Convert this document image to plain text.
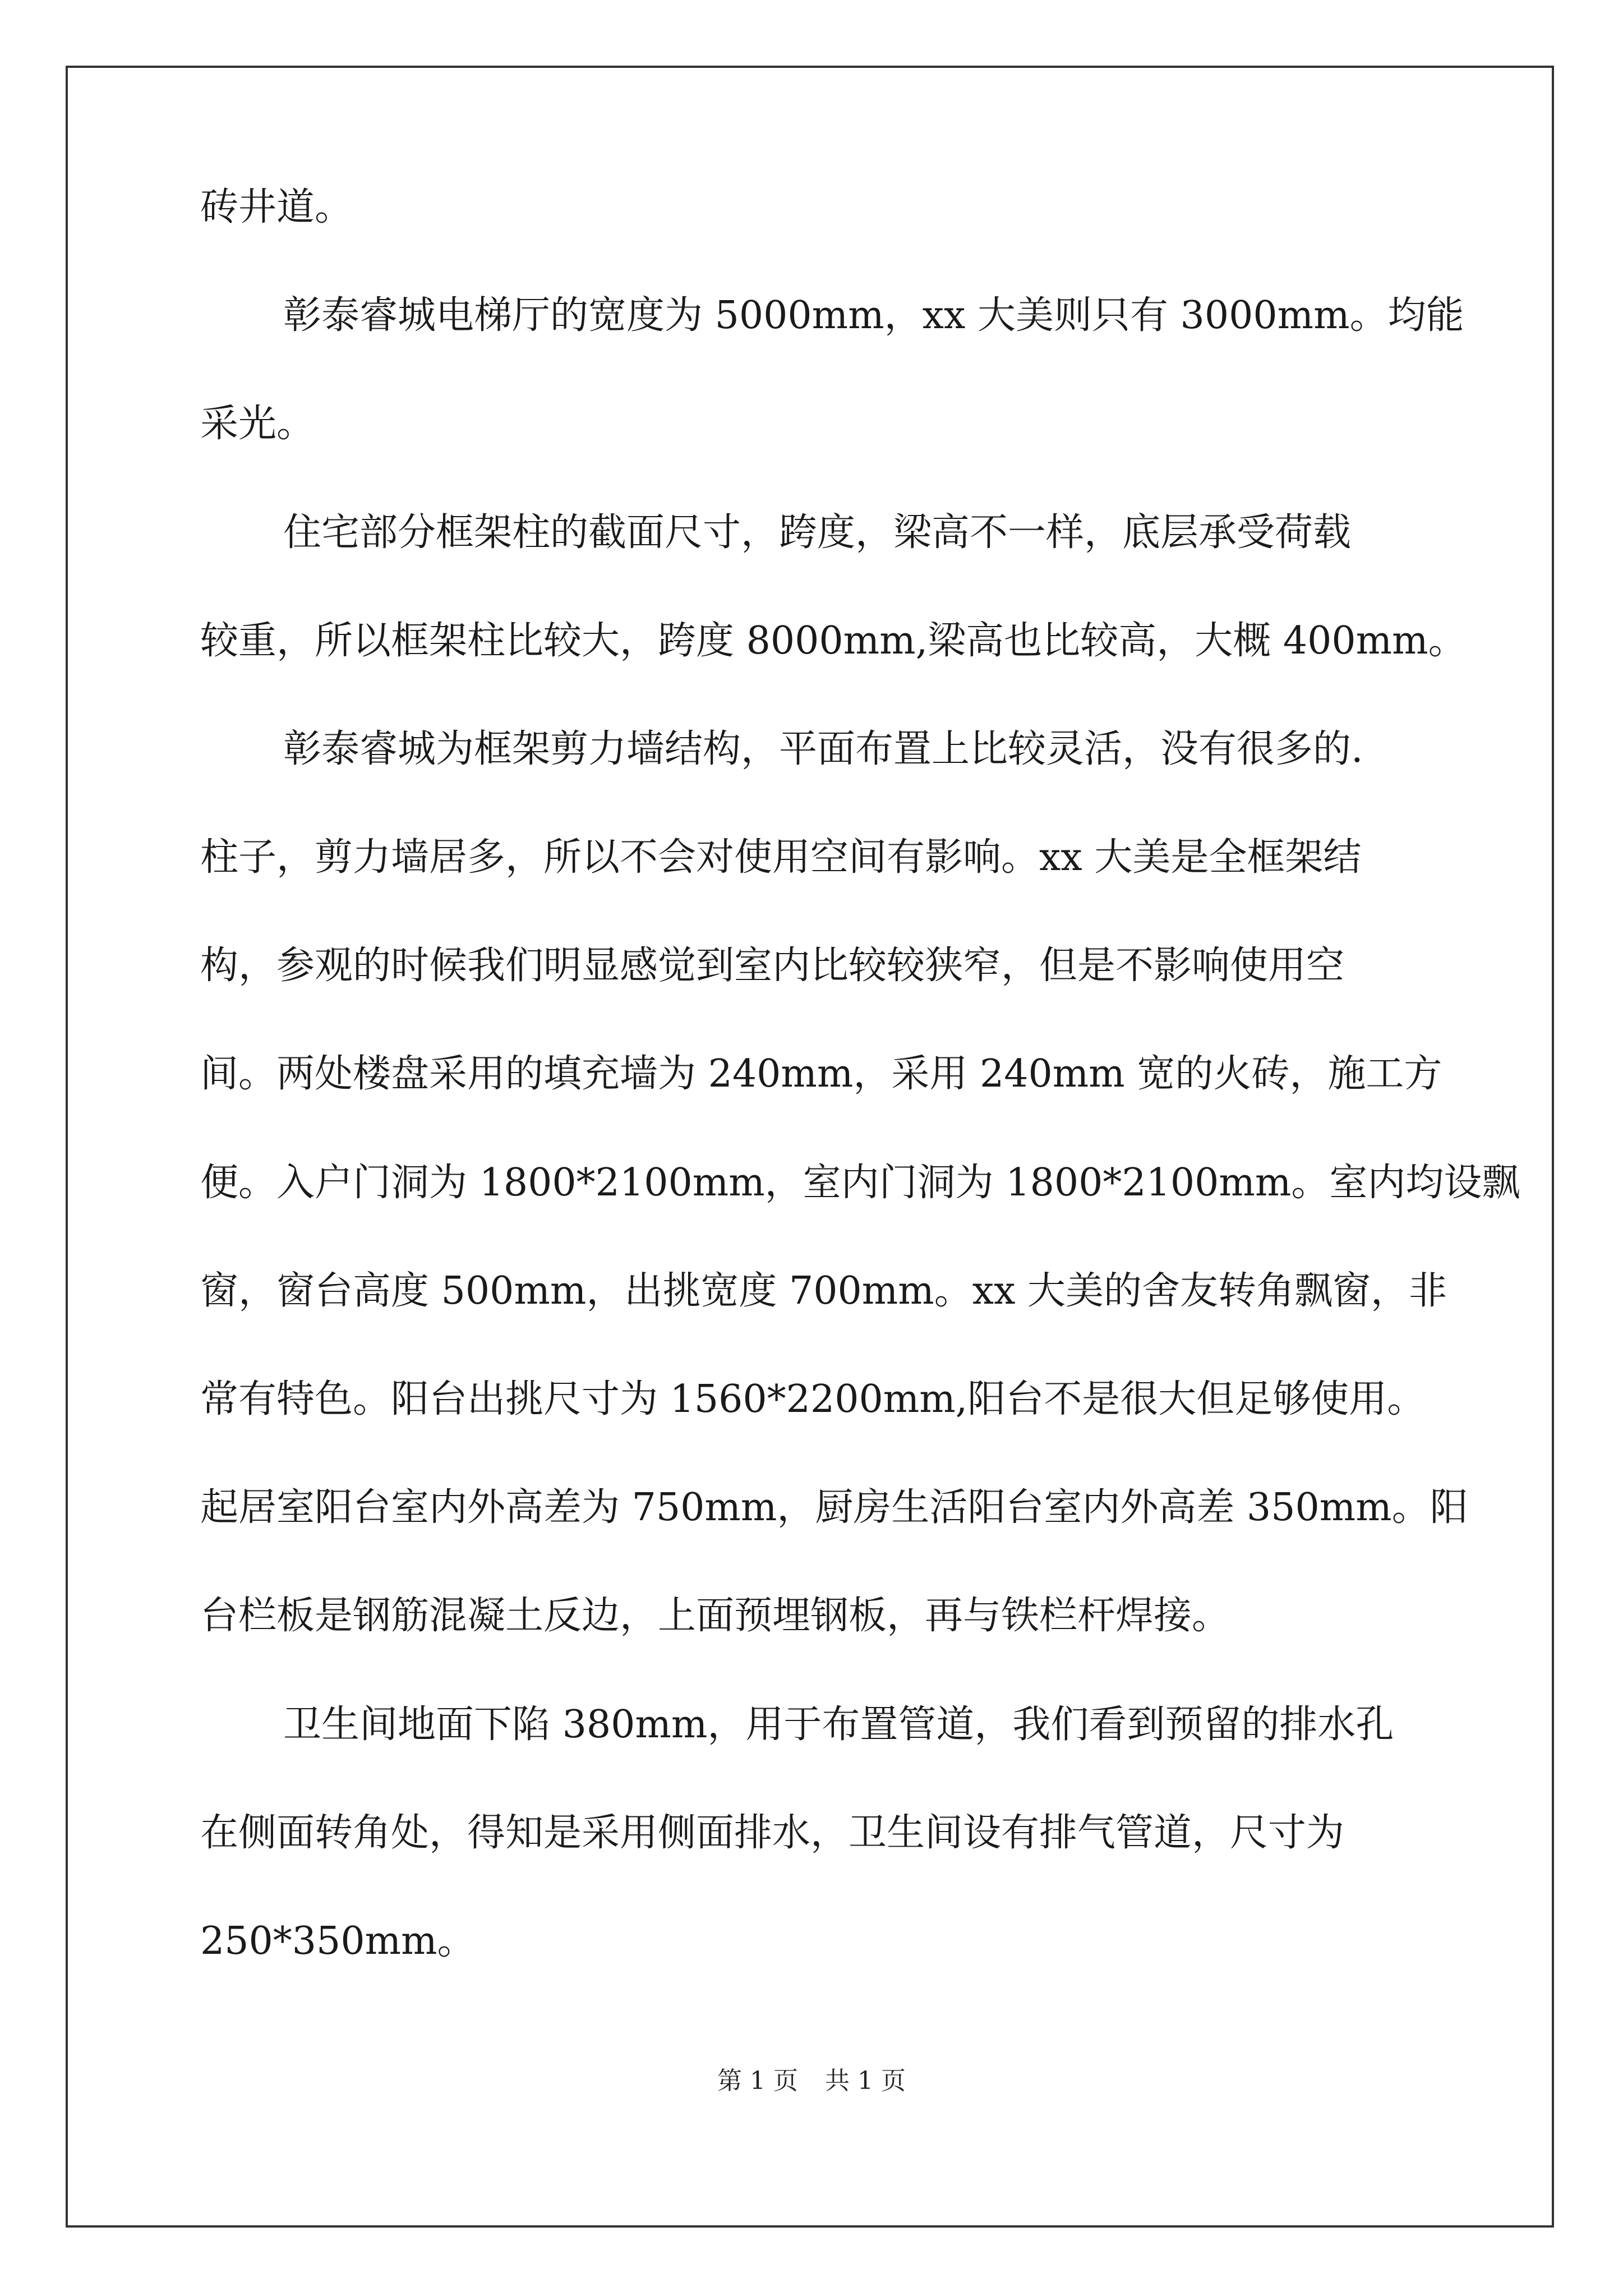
砖井道。
彰泰睿城电梯厅的宽度为 5000mm，xx 大美则只有 3000mm。均能
采光。
住宅部分框架柱的截面尺寸，跨度，梁高不一样，底层承受荷载
较重，所以框架柱比较大，跨度 8000mm,梁高也比较高，大概 400mm。
彰泰睿城为框架剪力墙结构，平面布置上比较灵活，没有很多的.
柱子，剪力墙居多，所以不会对使用空间有影响。xx 大美是全框架结
构，参观的时候我们明显感觉到室内比较较狭窄，但是不影响使用空
间。两处楼盘采用的填充墙为 240mm，采用 240mm 宽的火砖，施工方
便。入户门洞为 1800*2100mm，室内门洞为 1800*2100mm。室内均设飘
窗，窗台高度 500mm，出挑宽度 700mm。xx 大美的舍友转角飘窗，非
常有特色。阳台出挑尺寸为 1560*2200mm,阳台不是很大但足够使用。
起居室阳台室内外高差为 750mm，厨房生活阳台室内外高差 350mm。阳
台栏板是钢筋混凝土反边，上面预埋钢板，再与铁栏杆焊接。
卫生间地面下陷 380mm，用于布置管道，我们看到预留的排水孔
在侧面转角处，得知是采用侧面排水，卫生间设有排气管道，尺寸为
250*350mm。
第 1 页 共 1 页
